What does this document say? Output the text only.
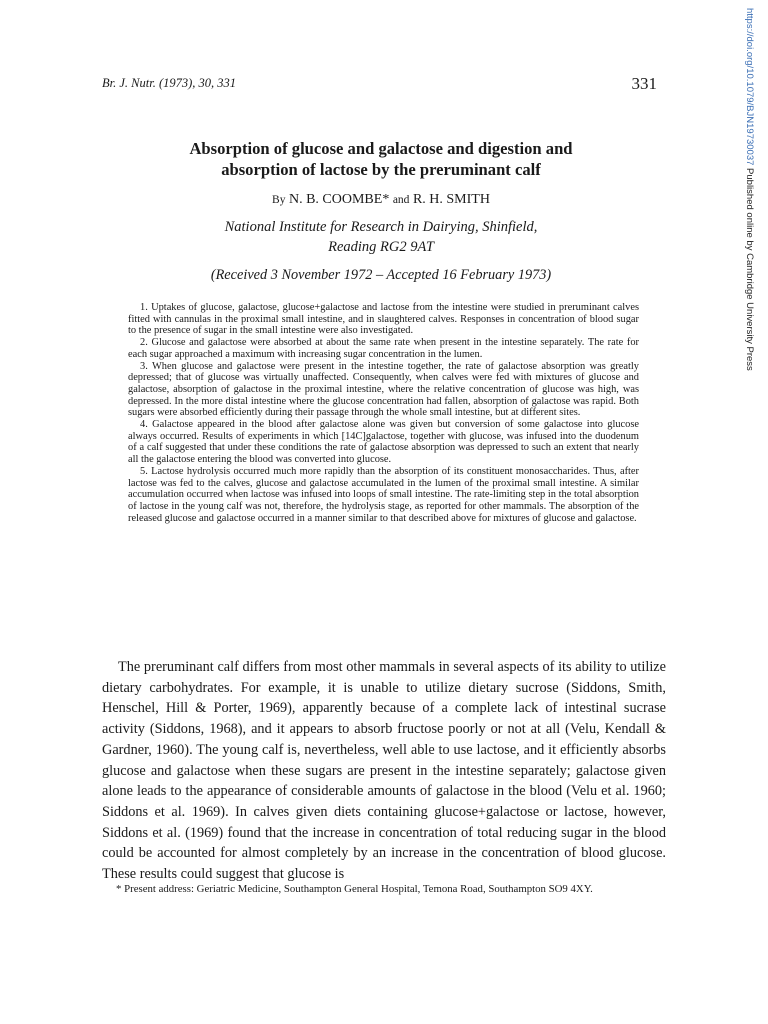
Br. J. Nutr. (1973), 30, 331	331	https://doi.org/10.1079/BJN19730037 Published online by Cambridge University Press
Absorption of glucose and galactose and digestion and
absorption of lactose by the preruminant calf
By N. B. COOMBE* and R. H. SMITH
National Institute for Research in Dairying, Shinfield,
Reading RG2 9AT
(Received 3 November 1972 – Accepted 16 February 1973)

1. Uptakes of glucose, galactose, glucose+galactose and lactose from the intestine were studied in preruminant calves fitted with cannulas in the proximal small intestine, and in slaughtered calves. Responses in concentration of blood sugar to the presence of sugar in the small intestine were also investigated.

2. Glucose and galactose were absorbed at about the same rate when present in the intestine separately. The rate for each sugar approached a maximum with increasing sugar concentration in the lumen.

3. When glucose and galactose were present in the intestine together, the rate of galactose absorption was greatly depressed; that of glucose was virtually unaffected. Consequently, when calves were fed with mixtures of glucose and galactose, absorption of galactose in the proximal intestine, where the relative concentration of glucose was high, was depressed. In the more distal intestine where the glucose concentration had fallen, absorption of galactose was rapid. Both sugars were absorbed efficiently during their passage through the whole small intestine, but at different sites.

4. Galactose appeared in the blood after galactose alone was given but conversion of some galactose into glucose always occurred. Results of experiments in which [14C]galactose, together with glucose, was infused into the duodenum of a calf suggested that under these conditions the rate of galactose absorption was depressed to such an extent that nearly all the galactose entering the blood was converted into glucose.

5. Lactose hydrolysis occurred much more rapidly than the absorption of its constituent monosaccharides. Thus, after lactose was fed to the calves, glucose and galactose accumulated in the lumen of the proximal small intestine. A similar accumulation occurred when lactose was infused into loops of small intestine. The rate-limiting step in the total absorption of lactose in the young calf was not, therefore, the hydrolysis stage, as reported for other mammals. The absorption of the released glucose and galactose occurred in a manner similar to that described above for mixtures of glucose and galactose.

The preruminant calf differs from most other mammals in several aspects of its ability to utilize dietary carbohydrates. For example, it is unable to utilize dietary sucrose (Siddons, Smith, Henschel, Hill & Porter, 1969), apparently because of a complete lack of intestinal sucrase activity (Siddons, 1968), and it appears to absorb fructose poorly or not at all (Velu, Kendall & Gardner, 1960). The young calf is, nevertheless, well able to use lactose, and it efficiently absorbs glucose and galactose when these sugars are present in the intestine separately; galactose given alone leads to the appearance of considerable amounts of galactose in the blood (Velu et al. 1960; Siddons et al. 1969). In calves given diets containing glucose+galactose or lactose, however, Siddons et al. (1969) found that the increase in concentration of total reducing sugar in the blood could be accounted for almost completely by an increase in the concentration of blood glucose. These results could suggest that glucose is

* Present address: Geriatric Medicine, Southampton General Hospital, Temona Road, Southampton SO9 4XY.
